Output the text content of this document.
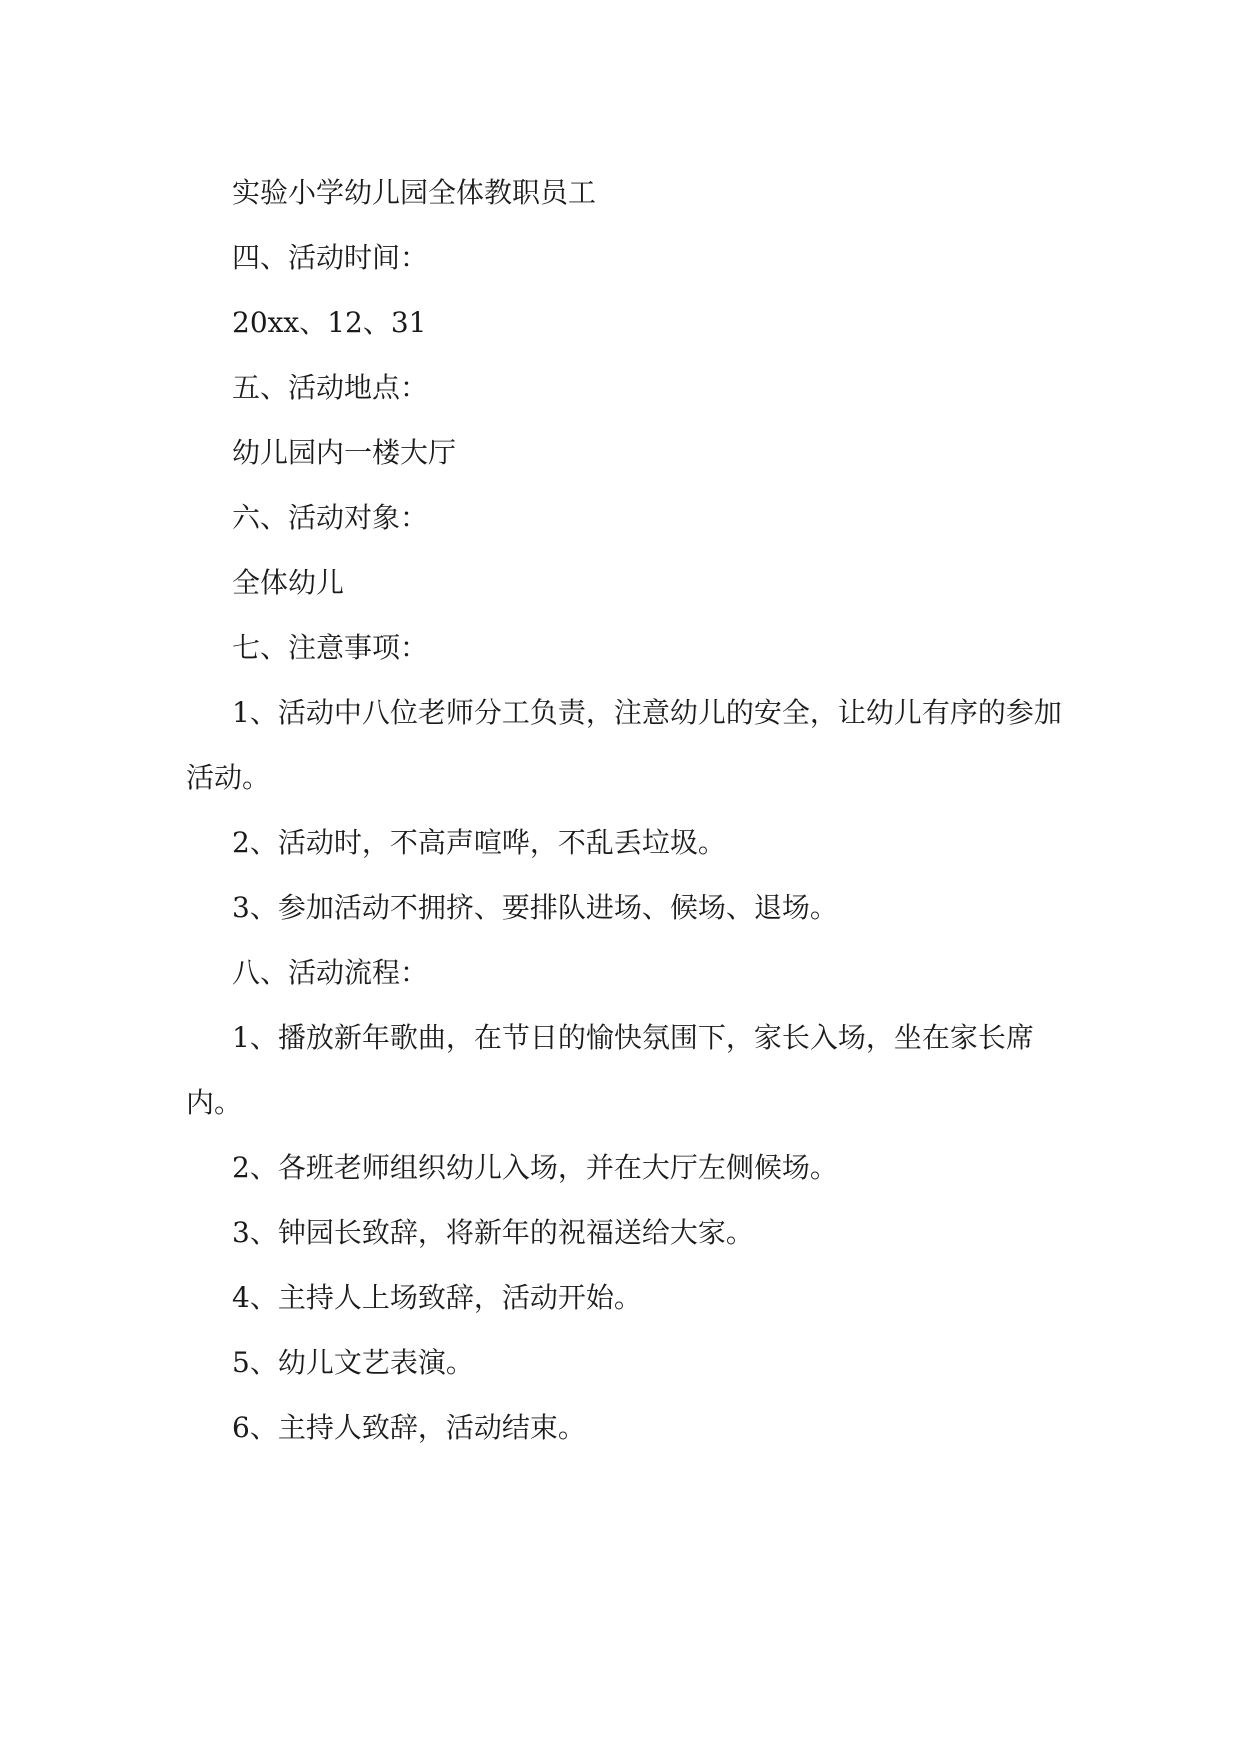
实验小学幼儿园全体教职员工

四、活动时间：

20xx、12、31

五、活动地点：

幼儿园内一楼大厅

六、活动对象：

全体幼儿

七、注意事项：

1、活动中八位老师分工负责，注意幼儿的安全，让幼儿有序的参加活动。

2、活动时，不高声喧哗，不乱丢垃圾。

3、参加活动不拥挤、要排队进场、候场、退场。

八、活动流程：

1、播放新年歌曲，在节日的愉快氛围下，家长入场，坐在家长席内。

2、各班老师组织幼儿入场，并在大厅左侧候场。

3、钟园长致辞，将新年的祝福送给大家。

4、主持人上场致辞，活动开始。

5、幼儿文艺表演。

6、主持人致辞，活动结束。
